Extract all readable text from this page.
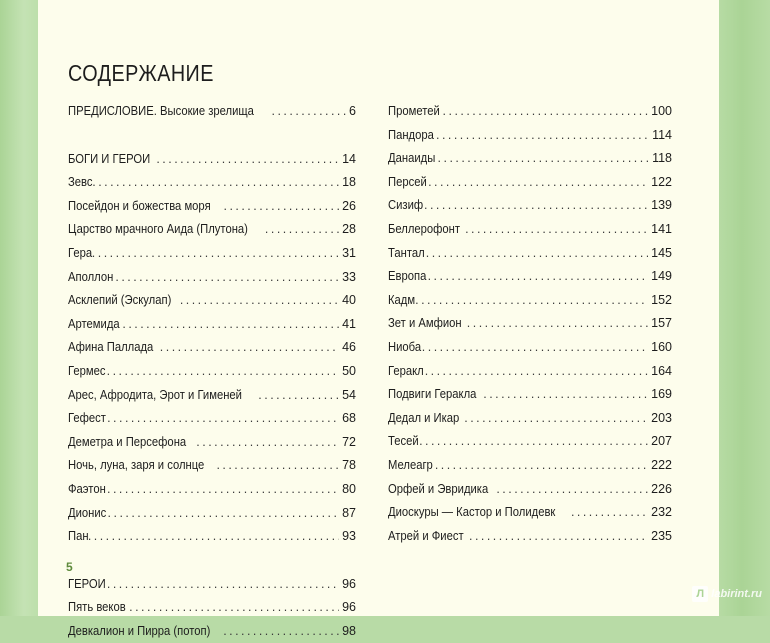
СОДЕРЖАНИЕ
ПРЕДИСЛОВИЕ. Высокие зрелища . . .	6
БОГИ И ГЕРОИ . . .	14
Зевс . . .	18
Посейдон и божества моря . . .	26
Царство мрачного Аида (Плутона) . . .	28
Гера . . .	31
Аполлон . . .	33
Асклепий (Эскулап) . . .	40
Артемида . . .	41
Афина Паллада . . .	46
Гермес . . .	50
Арес, Афродита, Эрот и Гименей . . .	54
Гефест . . .	68
Деметра и Персефона . . .	72
Ночь, луна, заря и солнце . . .	78
Фаэтон . . .	80
Дионис . . .	87
Пан . . .	93
ГЕРОИ . . .	96
Пять веков . . .	96
Девкалион и Пирра (потоп) . . .	98
Прометей . . .	100
Пандора . . .	114
Данаиды . . .	118
Персей . . .	122
Сизиф . . .	139
Беллерофонт . . .	141
Тантал . . .	145
Европа . . .	149
Кадм . . .	152
Зет и Амфион . . .	157
Ниоба . . .	160
Геракл . . .	164
Подвиги Геракла . . .	169
Дедал и Икар . . .	203
Тесей . . .	207
Мелеагр . . .	222
Орфей и Эвридика . . .	226
Диоскуры — Кастор и Полидевк . . .	232
Атрей и Фиест . . .	235
5
Л labirint.ru
